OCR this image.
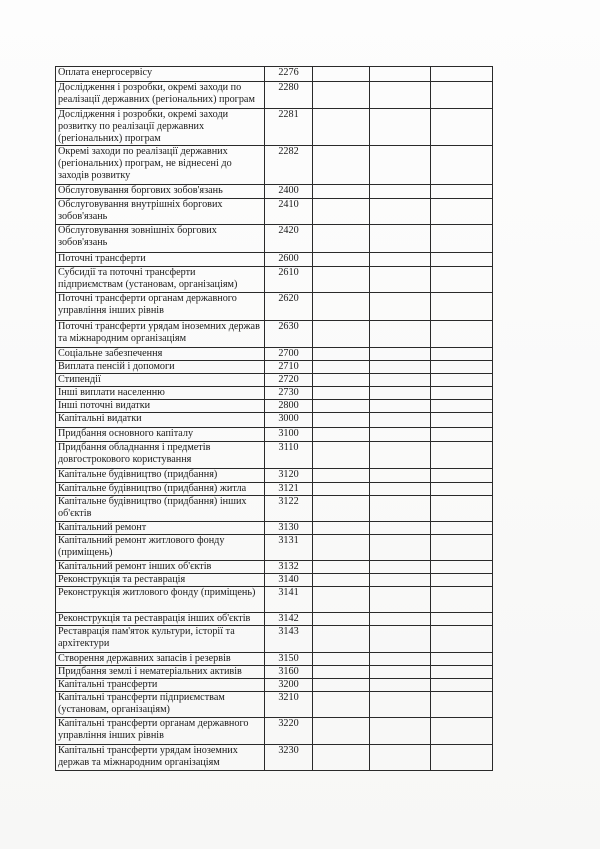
Оплата енергосервісу	2276			
Дослідження і розробки, окремі заходи по реалізації державних (регіональних) програм	2280			
Дослідження і розробки, окремі заходи розвитку по реалізації державних (регіональних) програм	2281			
Окремі заходи по реалізації державних (регіональних) програм, не віднесені до заходів розвитку	2282			
Обслуговування боргових зобов'язань	2400			
Обслуговування внутрішніх боргових зобов'язань	2410			
Обслуговування зовнішніх боргових зобов'язань	2420			
Поточні трансферти	2600			
Субсидії та поточні трансферти підприємствам (установам, організаціям)	2610			
Поточні трансферти органам державного управління інших рівнів	2620			
Поточні трансферти урядам іноземних держав та міжнародним організаціям	2630			
Соціальне забезпечення	2700			
Виплата пенсій і допомоги	2710			
Стипендії	2720			
Інші виплати населенню	2730			
Інші поточні видатки	2800			
Капітальні видатки	3000			
Придбання основного капіталу	3100			
Придбання обладнання і предметів довгострокового користування	3110			
Капітальне будівництво (придбання)	3120			
Капітальне будівництво (придбання) житла	3121			
Капітальне будівництво (придбання) інших об'єктів	3122			
Капітальний ремонт	3130			
Капітальний ремонт житлового фонду (приміщень)	3131			
Капітальний ремонт інших об'єктів	3132			
Реконструкція та реставрація	3140			
Реконструкція житлового фонду (приміщень)	3141			
Реконструкція та реставрація інших об'єктів	3142			
Реставрація пам'яток культури, історії та архітектури	3143			
Створення державних запасів і резервів	3150			
Придбання землі і нематеріальних активів	3160			
Капітальні трансферти	3200			
Капітальні трансферти підприємствам (установам, організаціям)	3210			
Капітальні трансферти органам державного управління інших рівнів	3220			
Капітальні трансферти урядам іноземних держав та міжнародним організаціям	3230			
